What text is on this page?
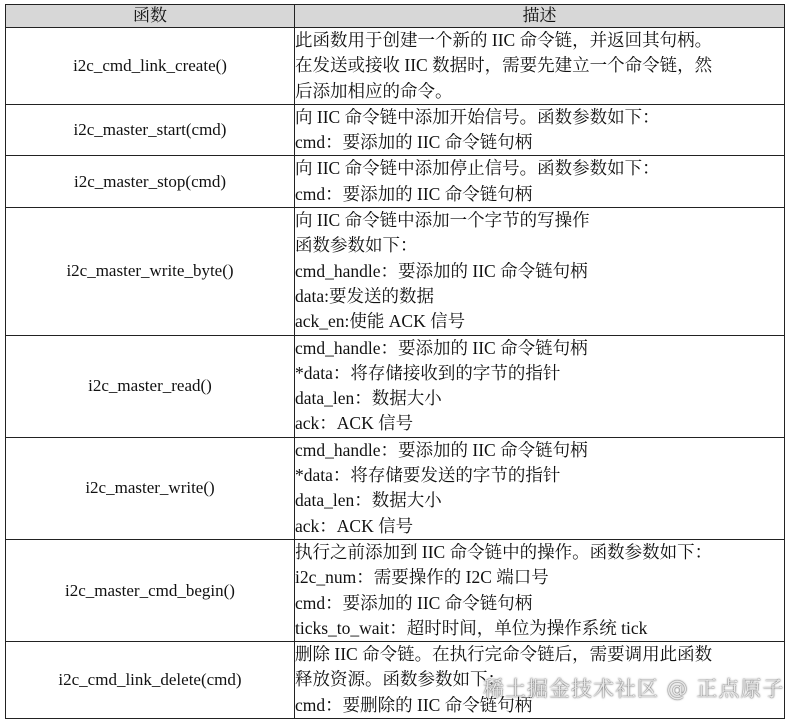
函数	描述
i2c_cmd_link_create()	此函数用于创建一个新的 IIC 命令链，并返回其句柄。
在发送或接收 IIC 数据时，需要先建立一个命令链，然
后添加相应的命令。

i2c_master_start(cmd)	向 IIC 命令链中添加开始信号。函数参数如下：
cmd：要添加的 IIC 命令链句柄

i2c_master_stop(cmd)	向 IIC 命令链中添加停止信号。函数参数如下：
cmd：要添加的 IIC 命令链句柄

i2c_master_write_byte()	向 IIC 命令链中添加一个字节的写操作
函数参数如下：
cmd_handle：要添加的 IIC 命令链句柄
data:要发送的数据
ack_en:使能 ACK 信号

i2c_master_read()	cmd_handle：要添加的 IIC 命令链句柄
*data：将存储接收到的字节的指针
data_len：数据大小
ack：ACK 信号

i2c_master_write()	cmd_handle：要添加的 IIC 命令链句柄
*data：将存储要发送的字节的指针
data_len：数据大小
ack：ACK 信号

i2c_master_cmd_begin()	执行之前添加到 IIC 命令链中的操作。函数参数如下：
i2c_num：需要操作的 I2C 端口号
cmd：要添加的 IIC 命令链句柄
ticks_to_wait：超时时间，单位为操作系统 tick

i2c_cmd_link_delete(cmd)	删除 IIC 命令链。在执行完命令链后，需要调用此函数
释放资源。函数参数如下：
cmd：要删除的 IIC 命令链句柄
稀土掘金技术社区 @ 正点原子
